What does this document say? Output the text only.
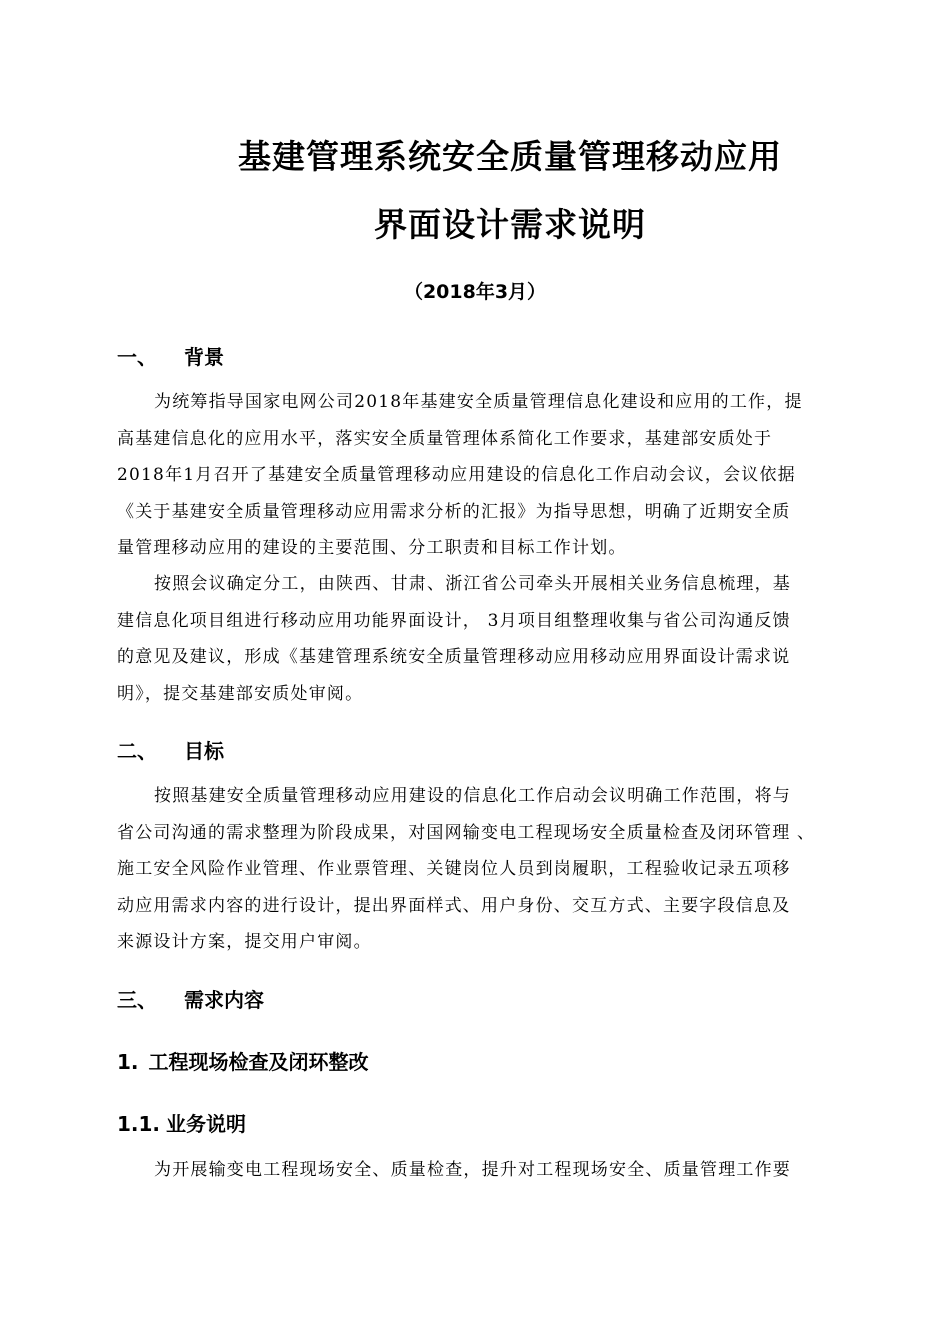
基建管理系统安全质量管理移动应用
界面设计需求说明
（2018年3月）
一、 背景
为统筹指导国家电网公司2018年基建安全质量管理信息化建设和应用的工作，提
高基建信息化的应用水平，落实安全质量管理体系简化工作要求，基建部安质处于
2018年1月召开了基建安全质量管理移动应用建设的信息化工作启动会议，会议依据
《关于基建安全质量管理移动应用需求分析的汇报》为指导思想，明确了近期安全质
量管理移动应用的建设的主要范围、分工职责和目标工作计划。
按照会议确定分工，由陕西、甘肃、浙江省公司牵头开展相关业务信息梳理，基
建信息化项目组进行移动应用功能界面设计， 3月项目组整理收集与省公司沟通反馈
的意见及建议，形成《基建管理系统安全质量管理移动应用移动应用界面设计需求说
明》，提交基建部安质处审阅。
二、 目标
按照基建安全质量管理移动应用建设的信息化工作启动会议明确工作范围，将与
省公司沟通的需求整理为阶段成果，对国网输变电工程现场安全质量检查及闭环管理 、
施工安全风险作业管理、作业票管理、关键岗位人员到岗履职，工程验收记录五项移
动应用需求内容的进行设计，提出界面样式、用户身份、交互方式、主要字段信息及
来源设计方案，提交用户审阅。
三、 需求内容
1. 工程现场检查及闭环整改
1.1. 业务说明
为开展输变电工程现场安全、质量检查，提升对工程现场安全、质量管理工作要
